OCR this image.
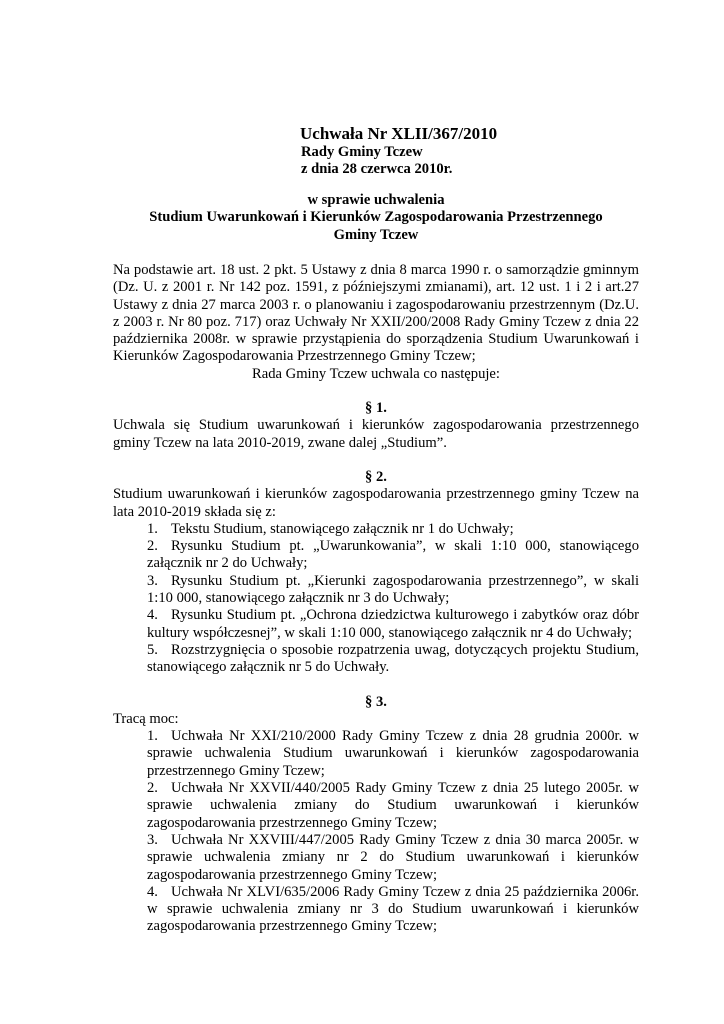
Uchwała Nr XLII/367/2010

Rady Gminy Tczew

z dnia 28 czerwca 2010r.

w sprawie uchwalenia
Studium Uwarunkowań i Kierunków Zagospodarowania Przestrzennego
Gminy Tczew

Na podstawie art. 18 ust. 2 pkt. 5 Ustawy z dnia 8 marca 1990 r. o samorządzie gminnym (Dz. U. z 2001 r. Nr 142 poz. 1591, z późniejszymi zmianami), art. 12 ust. 1 i 2 i art.27 Ustawy z dnia 27 marca 2003 r. o planowaniu i zagospodarowaniu przestrzennym (Dz.U. z 2003 r. Nr 80 poz. 717) oraz Uchwały Nr XXII/200/2008 Rady Gminy Tczew z dnia 22 października 2008r. w sprawie przystąpienia do sporządzenia Studium Uwarunkowań i Kierunków Zagospodarowania Przestrzennego Gminy Tczew;

Rada Gminy Tczew uchwala co następuje:

§ 1.

Uchwala się Studium uwarunkowań i kierunków zagospodarowania przestrzennego gminy Tczew na lata 2010-2019, zwane dalej „Studium”.

§ 2.

Studium uwarunkowań i kierunków zagospodarowania przestrzennego gminy Tczew na lata 2010-2019 składa się z:

1. Tekstu Studium, stanowiącego załącznik nr 1 do Uchwały;
2. Rysunku Studium pt. „Uwarunkowania”, w skali 1:10 000, stanowiącego załącznik nr 2 do Uchwały;
3. Rysunku Studium pt. „Kierunki zagospodarowania przestrzennego”, w skali 1:10 000, stanowiącego załącznik nr 3 do Uchwały;
4. Rysunku Studium pt. „Ochrona dziedzictwa kulturowego i zabytków oraz dóbr kultury współczesnej”, w skali 1:10 000, stanowiącego załącznik nr 4 do Uchwały;
5. Rozstrzygnięcia o sposobie rozpatrzenia uwag, dotyczących projektu Studium, stanowiącego załącznik nr 5 do Uchwały.

§ 3.

Tracą moc:

1. Uchwała Nr XXI/210/2000 Rady Gminy Tczew z dnia 28 grudnia 2000r. w sprawie uchwalenia Studium uwarunkowań i kierunków zagospodarowania przestrzennego Gminy Tczew;
2. Uchwała Nr XXVII/440/2005 Rady Gminy Tczew z dnia 25 lutego 2005r. w sprawie uchwalenia zmiany do Studium uwarunkowań i kierunków zagospodarowania przestrzennego Gminy Tczew;
3. Uchwała Nr XXVIII/447/2005 Rady Gminy Tczew z dnia 30 marca 2005r. w sprawie uchwalenia zmiany nr 2 do Studium uwarunkowań i kierunków zagospodarowania przestrzennego Gminy Tczew;
4. Uchwała Nr XLVI/635/2006 Rady Gminy Tczew z dnia 25 października 2006r. w sprawie uchwalenia zmiany nr 3 do Studium uwarunkowań i kierunków zagospodarowania przestrzennego Gminy Tczew;
